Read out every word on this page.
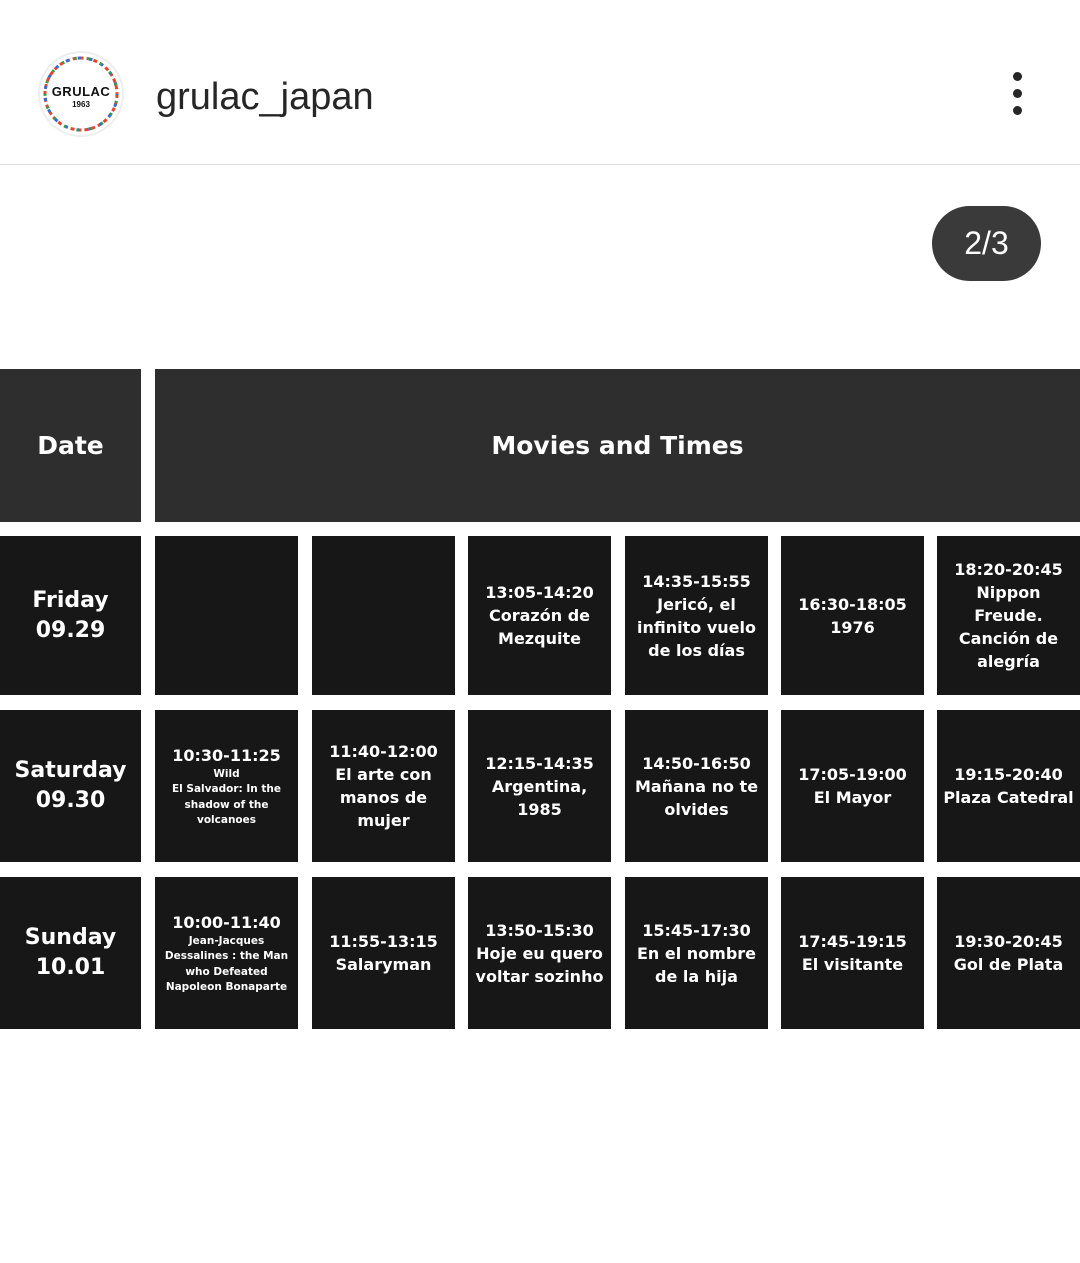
GRULAC
1963	grulac_japan
2/3
Date	Movies and Times
Friday
09.29
13:05-14:20
Corazón de Mezquite
14:35-15:55
Jericó, el infinito vuelo de los días
16:30-18:05
1976
18:20-20:45
Nippon Freude. Canción de alegría
Saturday
09.30
10:30-11:25
Wild
El Salvador: In the shadow of the volcanoes
11:40-12:00
El arte con manos de mujer
12:15-14:35
Argentina, 1985
14:50-16:50
Mañana no te olvides
17:05-19:00
El Mayor
19:15-20:40
Plaza Catedral
Sunday
10.01
10:00-11:40
Jean-Jacques Dessalines : the Man who Defeated Napoleon Bonaparte
11:55-13:15
Salaryman
13:50-15:30
Hoje eu quero voltar sozinho
15:45-17:30
En el nombre de la hija
17:45-19:15
El visitante
19:30-20:45
Gol de Plata
